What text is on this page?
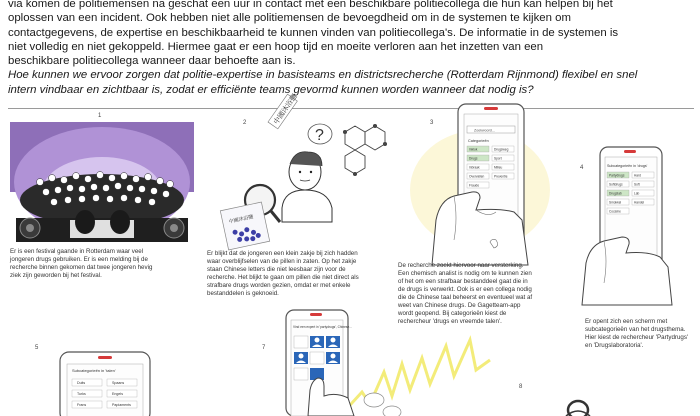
via komen de politiemensen na geschat een uur in contact met een beschikbare politiecollega die hun kan helpen bij het

oplossen van een incident. Ook hebben niet alle politiemensen de bevoegdheid om in de systemen te kijken om

contactgegevens, de expertise en beschikbaarheid te kunnen vinden van politiecollega's. De informatie in de systemen is

niet volledig en niet gekoppeld. Hiermee gaat er een hoop tijd en moeite verloren aan het inzetten van een

beschikbare politiecollega wanneer daar behoefte aan is.

Hoe kunnen we ervoor zorgen dat politie-expertise in basisteams en districtsrecherche (Rotterdam Rijnmond) flexibel en snel

intern vindbaar en zichtbaar is, zodat er efficiënte teams gevormd kunnen worden wanneer dat nodig is?

1
Er is een festival gaande in Rotterdam waar veel
jongeren drugs gebruiken. Er is een melding bij de
recherche binnen gekomen dat twee jongeren hevig
ziek zijn geworden bij het festival.
2
?
中國沐浴鹽
中國沐浴鹽
Er blijkt dat de jongeren een klein zakje bij zich hadden
waar overblijfselen van de pillen in zaten. Op het zakje
staan Chinese letters die niet leesbaar zijn voor de
recherche. Het blijkt te gaan om pillen die niet direct als
strafbare drugs worden gezien, omdat er met enkele
bestanddelen is geknoeid.
3
Zoekwoord...
Categorieën
Inklok	Drugsweg
Drugs	Sport
Inbraak	Milieu
Overvallen	Preventie
Fraude
De recherche zoekt hiervoor naar versterking.
Een chemisch analist is nodig om te kunnen zien
of het om een strafbaar bestanddeel gaat die in
de drugs is verwerkt. Ook is er een collega nodig
die de Chinese taal beheerst en eventueel wat af
weet van Chinese drugs. De Gagetteam-app
wordt geopend. Bij categorieën kiest de
rechercheur 'drugs en vreemde talen'.
4	Subcategorieën in 'drugs'
Partydrugs	Hard
Softdrugs	Soft
Drugslab	Lab
Smokkel	Handel
Cocaïne
Er opent zich een scherm met
subcategorieën van het drugsthema.
Hier kiest de rechercheur 'Partydrugs'
en 'Drugslaboratoria'.
5
Subcategorieën in 'talen'
Duits	Spaans
Turks	Engels
Frans	Papiaments
7
Vind een expert in 'partydrugs', Chinese...
8
